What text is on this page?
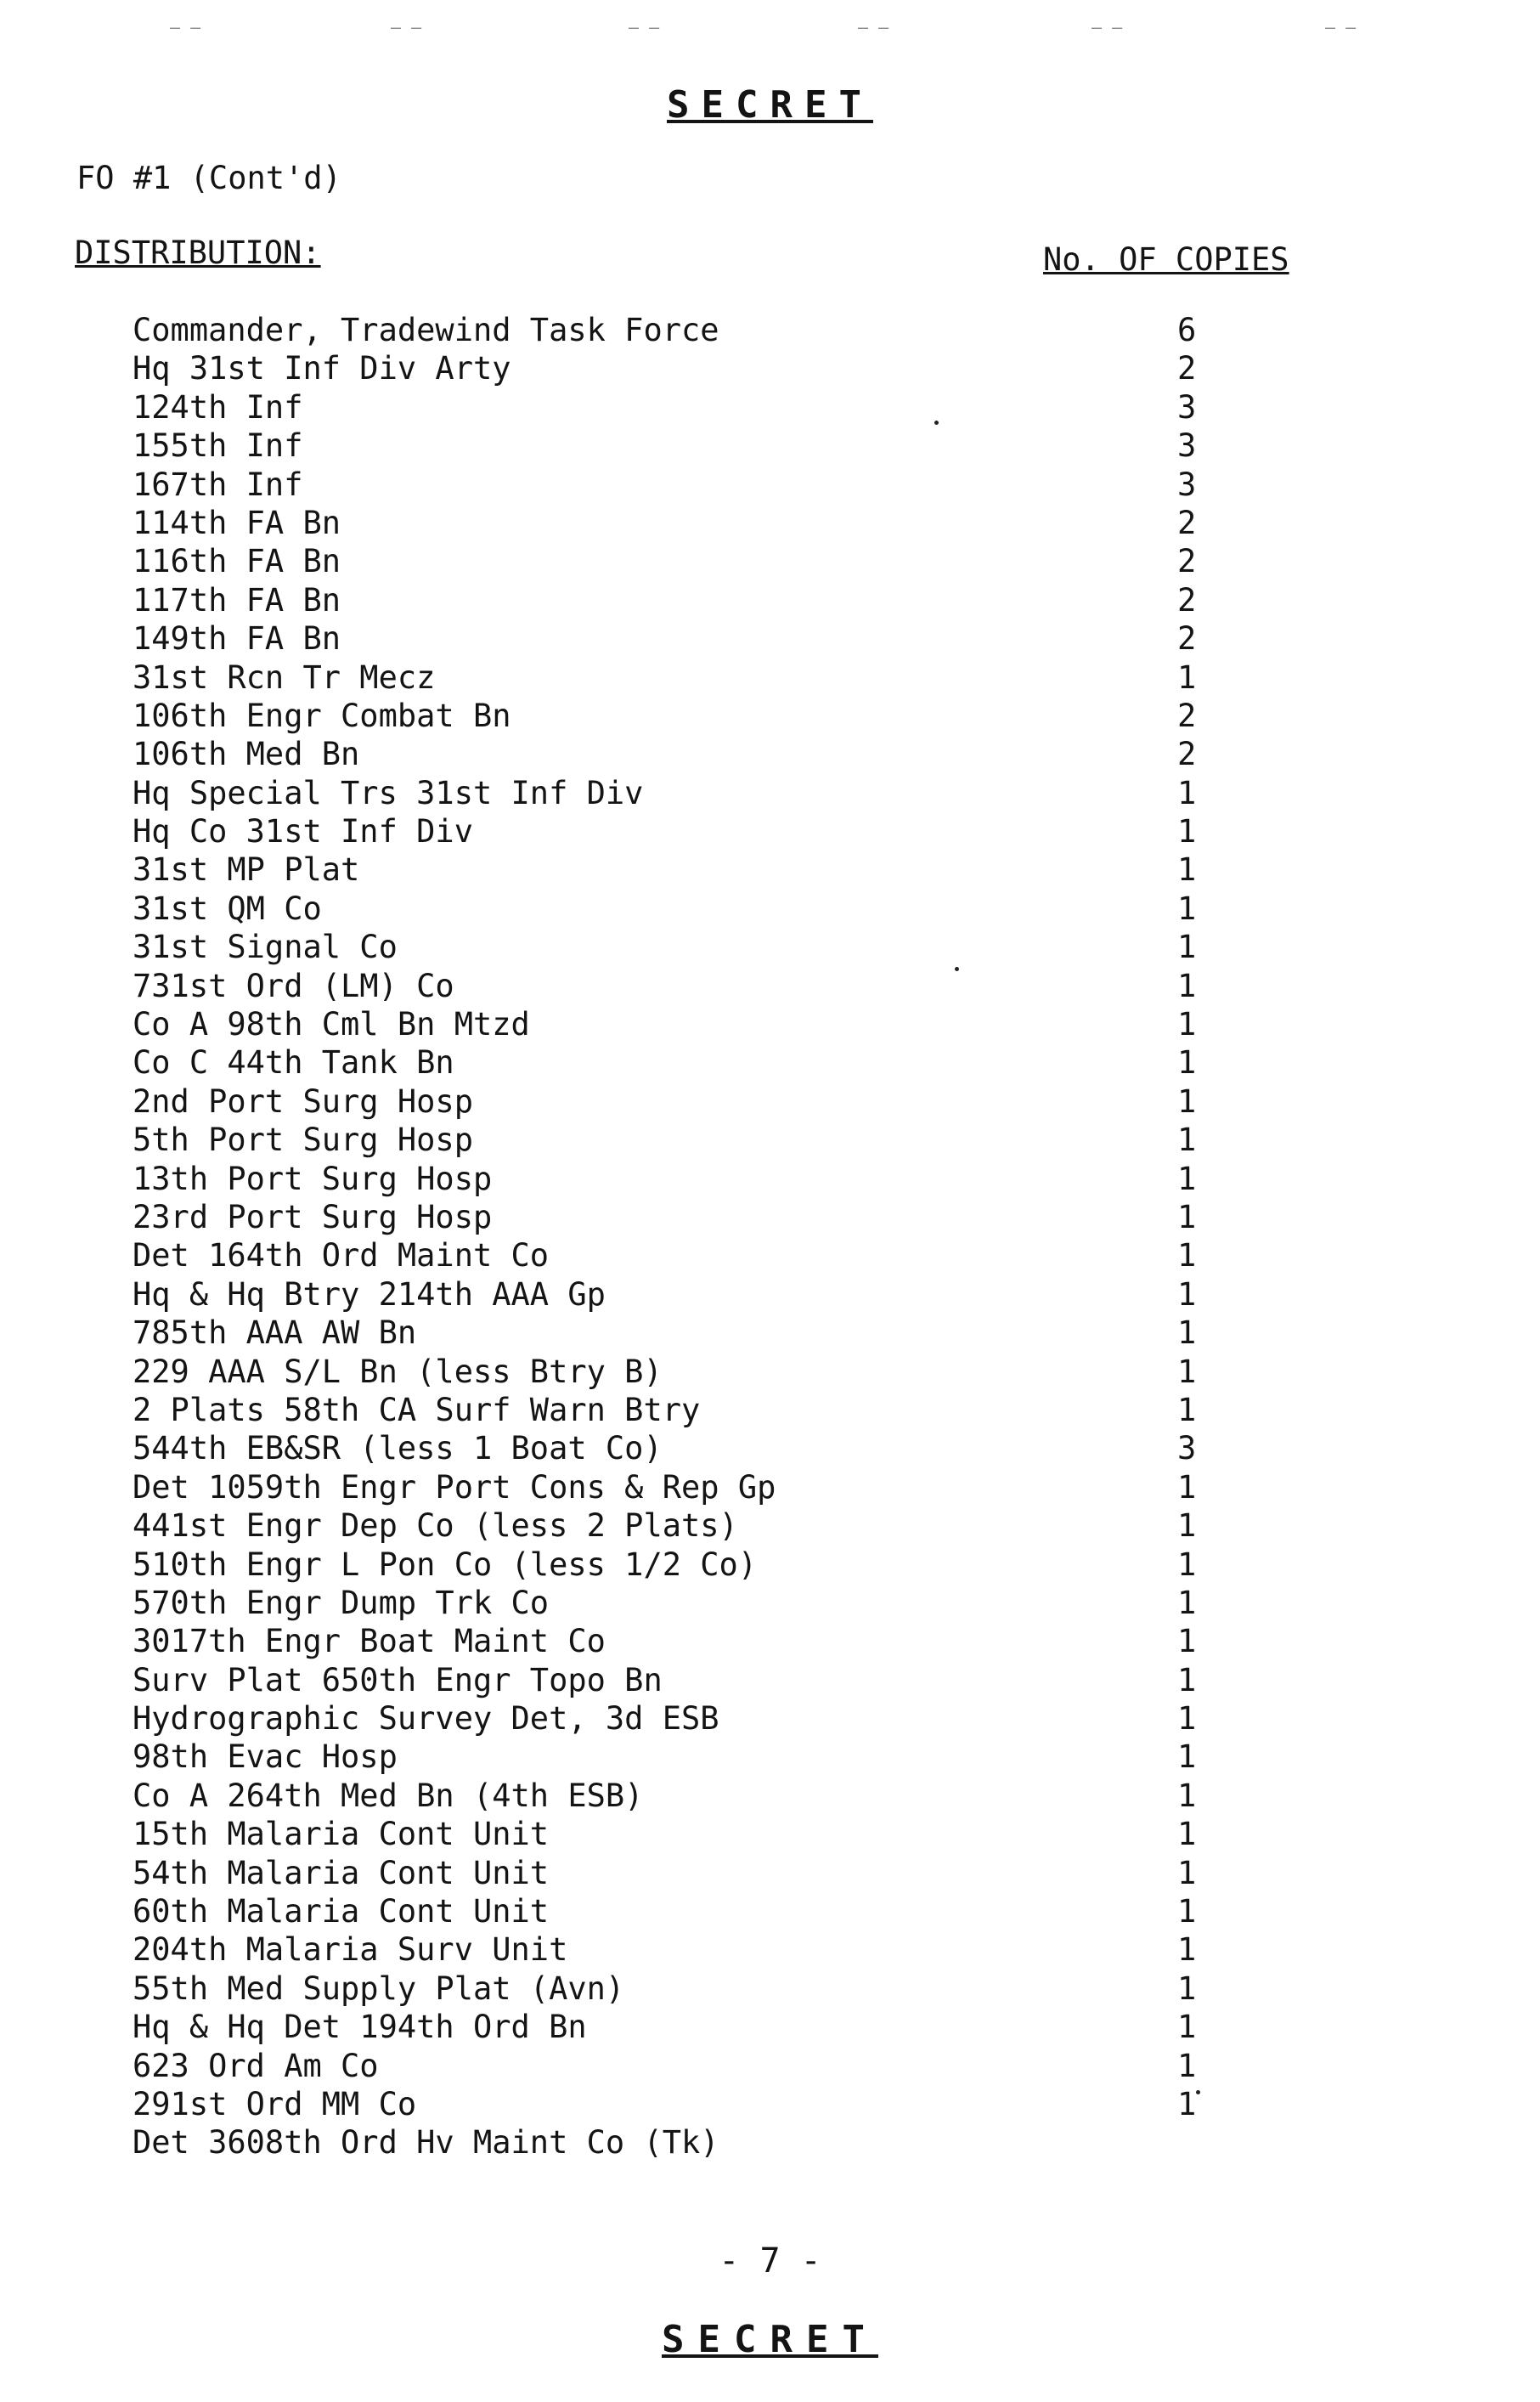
— —	— —	— —	— —	— —	— —
SECRET
FO #1 (Cont'd)
DISTRIBUTION:	No. OF COPIES
Commander, Tradewind Task Force	6
Hq 31st Inf Div Arty	2
124th Inf	3
155th Inf	3
167th Inf	3
114th FA Bn	2
116th FA Bn	2
117th FA Bn	2
149th FA Bn	2
31st Rcn Tr Mecz	1
106th Engr Combat Bn	2
106th Med Bn	2
Hq Special Trs 31st Inf Div	1
Hq Co 31st Inf Div	1
31st MP Plat	1
31st QM Co	1
31st Signal Co	1
731st Ord (LM) Co	1
Co A 98th Cml Bn Mtzd	1
Co C 44th Tank Bn	1
2nd Port Surg Hosp	1
5th Port Surg Hosp	1
13th Port Surg Hosp	1
23rd Port Surg Hosp	1
Det 164th Ord Maint Co	1
Hq & Hq Btry 214th AAA Gp	1
785th AAA AW Bn	1
229 AAA S/L Bn (less Btry B)	1
2 Plats 58th CA Surf Warn Btry	1
544th EB&SR (less 1 Boat Co)	3
Det 1059th Engr Port Cons & Rep Gp	1
441st Engr Dep Co (less 2 Plats)	1
510th Engr L Pon Co (less 1/2 Co)	1
570th Engr Dump Trk Co	1
3017th Engr Boat Maint Co	1
Surv Plat 650th Engr Topo Bn	1
Hydrographic Survey Det, 3d ESB	1
98th Evac Hosp	1
Co A 264th Med Bn (4th ESB)	1
15th Malaria Cont Unit	1
54th Malaria Cont Unit	1
60th Malaria Cont Unit	1
204th Malaria Surv Unit	1
55th Med Supply Plat (Avn)	1
Hq & Hq Det 194th Ord Bn	1
623 Ord Am Co	1
291st Ord MM Co	1
Det 3608th Ord Hv Maint Co (Tk)
- 7 -
SECRET
